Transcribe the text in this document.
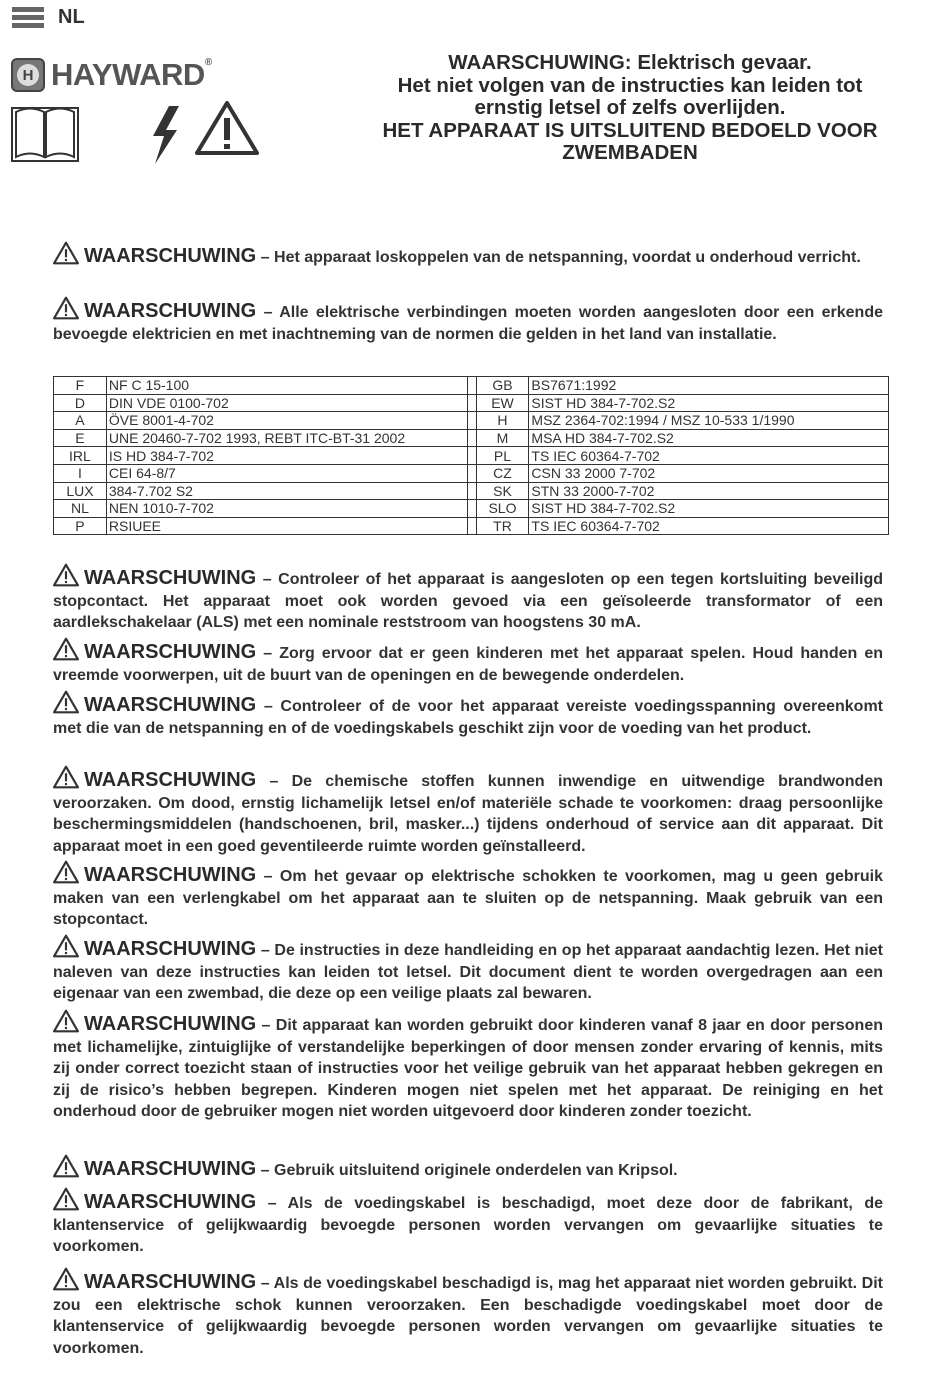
NL
H HAYWARD®	WAARSCHUWING: Elektrisch gevaar.
Het niet volgen van de instructies kan leiden tot
ernstig letsel of zelfs overlijden.
HET APPARAAT IS UITSLUITEND BEDOELD VOOR
ZWEMBADEN
WAARSCHUWING – Het apparaat loskoppelen van de netspanning, voordat u onderhoud verricht.
WAARSCHUWING – Alle elektrische verbindingen moeten worden aangesloten door een erkende bevoegde elektricien en met inachtneming van de normen die gelden in het land van installatie.
F	NF C 15-100		GB	BS7671:1992
D	DIN VDE 0100-702		EW	SIST HD 384-7-702.S2
A	ÖVE 8001-4-702		H	MSZ 2364-702:1994 / MSZ 10-533 1/1990
E	UNE 20460-7-702 1993, REBT ITC-BT-31 2002		M	MSA HD 384-7-702.S2
IRL	IS HD 384-7-702		PL	TS IEC 60364-7-702
I	CEI 64-8/7		CZ	CSN 33 2000 7-702
LUX	384-7.702 S2		SK	STN 33 2000-7-702
NL	NEN 1010-7-702		SLO	SIST HD 384-7-702.S2
P	RSIUEE		TR	TS IEC 60364-7-702
WAARSCHUWING – Controleer of het apparaat is aangesloten op een tegen kortsluiting beveiligd stopcontact. Het apparaat moet ook worden gevoed via een geïsoleerde transformator of een aardlekschakelaar (ALS) met een nominale reststroom van hoogstens 30 mA.
WAARSCHUWING – Zorg ervoor dat er geen kinderen met het apparaat spelen. Houd handen en vreemde voorwerpen, uit de buurt van de openingen en de bewegende onderdelen.
WAARSCHUWING – Controleer of de voor het apparaat vereiste voedingsspanning overeenkomt met die van de netspanning en of de voedingskabels geschikt zijn voor de voeding van het product.
WAARSCHUWING – De chemische stoffen kunnen inwendige en uitwendige brandwonden veroorzaken. Om dood, ernstig lichamelijk letsel en/of materiële schade te voorkomen: draag persoonlijke beschermingsmiddelen (handschoenen, bril, masker...) tijdens onderhoud of service aan dit apparaat. Dit apparaat moet in een goed geventileerde ruimte worden geïnstalleerd.
WAARSCHUWING – Om het gevaar op elektrische schokken te voorkomen, mag u geen gebruik maken van een verlengkabel om het apparaat aan te sluiten op de netspanning. Maak gebruik van een stopcontact.
WAARSCHUWING – De instructies in deze handleiding en op het apparaat aandachtig lezen. Het niet naleven van deze instructies kan leiden tot letsel. Dit document dient te worden overgedragen aan een eigenaar van een zwembad, die deze op een veilige plaats zal bewaren.
WAARSCHUWING – Dit apparaat kan worden gebruikt door kinderen vanaf 8 jaar en door personen met lichamelijke, zintuiglijke of verstandelijke beperkingen of door mensen zonder ervaring of kennis, mits zij onder correct toezicht staan of instructies voor het veilige gebruik van het apparaat hebben gekregen en zij de risico’s hebben begrepen. Kinderen mogen niet spelen met het apparaat. De reiniging en het onderhoud door de gebruiker mogen niet worden uitgevoerd door kinderen zonder toezicht.
WAARSCHUWING – Gebruik uitsluitend originele onderdelen van Kripsol.
WAARSCHUWING – Als de voedingskabel is beschadigd, moet deze door de fabrikant, de klantenservice of gelijkwaardig bevoegde personen worden vervangen om gevaarlijke situaties te voorkomen.
WAARSCHUWING – Als de voedingskabel beschadigd is, mag het apparaat niet worden gebruikt. Dit zou een elektrische schok kunnen veroorzaken. Een beschadigde voedingskabel moet door de klantenservice of gelijkwaardig bevoegde personen worden vervangen om gevaarlijke situaties te voorkomen.
